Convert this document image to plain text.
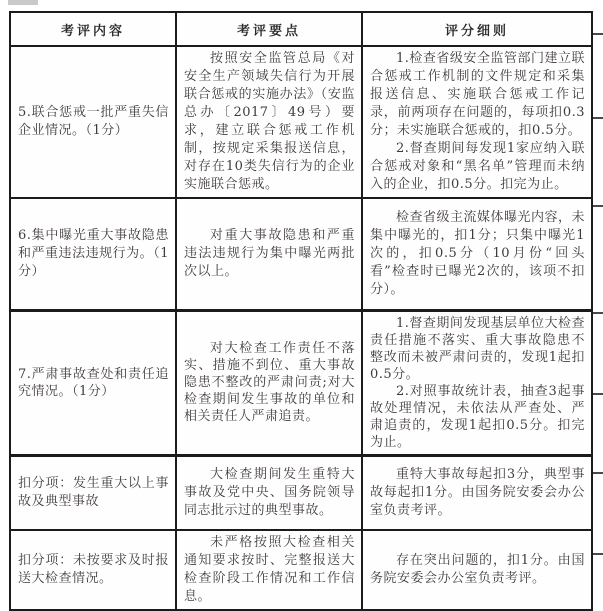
考评内容	考评要点	评分细则

5.联合惩戒一批严重失信企业情况。（1分）	按照安全监管总局《对安全生产领域失信行为开展联合惩戒的实施办法》（安监总办〔2017〕49号）要求，建立联合惩戒工作机制，按规定采集报送信息，对存在10类失信行为的企业实施联合惩戒。	1.检查省级安全监管部门建立联合惩戒工作机制的文件规定和采集报送信息、实施联合惩戒工作记录，前两项存在问题的，每项扣0.3分；未实施联合惩戒的，扣0.5分。

2.督查期间每发现1家应纳入联合惩戒对象和“黑名单”管理而未纳入的企业，扣0.5分。扣完为止。

6.集中曝光重大事故隐患和严重违法违规行为。（1分）	对重大事故隐患和严重违法违规行为集中曝光两批次以上。	检查省级主流媒体曝光内容，未集中曝光的，扣1分；只集中曝光1次的，扣0.5分（10月份“回头看”检查时已曝光2次的，该项不扣分）。

7.严肃事故查处和责任追究情况。（1分）	对大检查工作责任不落实、措施不到位、重大事故隐患不整改的严肃问责;对大检查期间发生事故的单位和相关责任人严肃追责。	1.督查期间发现基层单位大检查责任措施不落实、重大事故隐患不整改而未被严肃问责的，发现1起扣0.5分。

2.对照事故统计表，抽查3起事故处理情况，未依法从严查处、严肃追责的，发现1起扣0.5分。扣完为止。

扣分项：发生重大以上事故及典型事故	大检查期间发生重特大事故及党中央、国务院领导同志批示过的典型事故。	重特大事故每起扣3分，典型事故每起扣1分。由国务院安委会办公室负责考评。

扣分项：未按要求及时报送大检查情况。	未严格按照大检查相关通知要求按时、完整报送大检查阶段工作情况和工作信息。	存在突出问题的，扣1分。由国务院安委会办公室负责考评。
